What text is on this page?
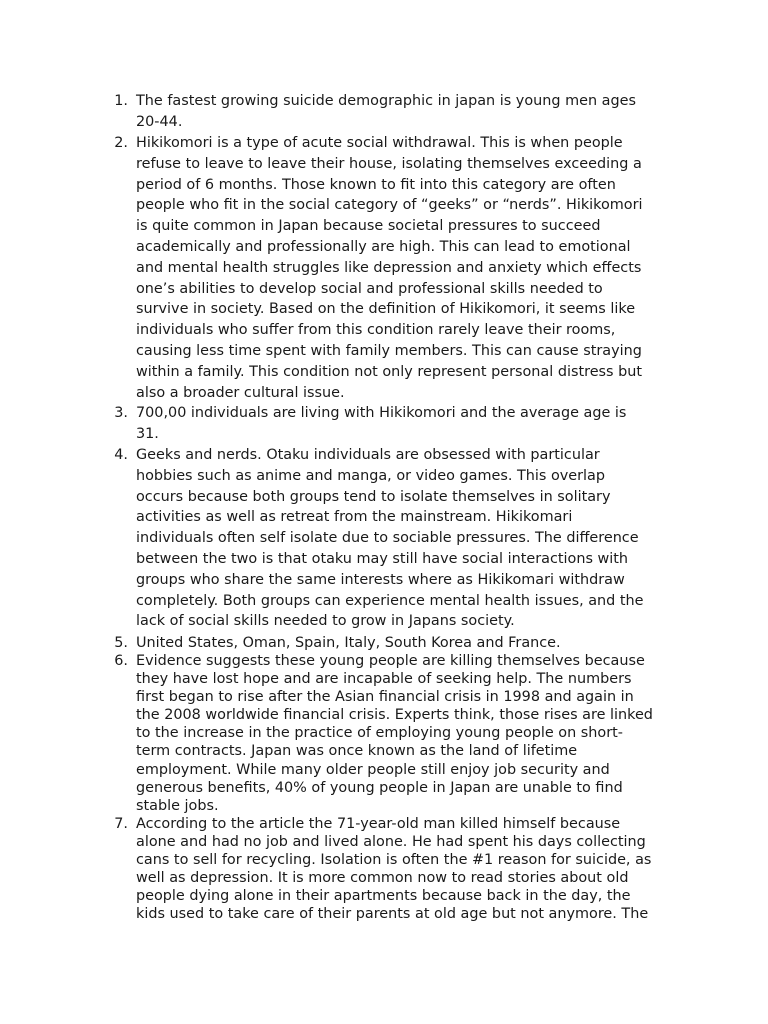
1. The fastest growing suicide demographic in japan is young men ages
20-44.
2. Hikikomori is a type of acute social withdrawal. This is when people
refuse to leave to leave their house, isolating themselves exceeding a
period of 6 months. Those known to fit into this category are often
people who fit in the social category of “geeks” or “nerds”. Hikikomori
is quite common in Japan because societal pressures to succeed
academically and professionally are high. This can lead to emotional
and mental health struggles like depression and anxiety which effects
one’s abilities to develop social and professional skills needed to
survive in society. Based on the definition of Hikikomori, it seems like
individuals who suffer from this condition rarely leave their rooms,
causing less time spent with family members. This can cause straying
within a family. This condition not only represent personal distress but
also a broader cultural issue.
3. 700,00 individuals are living with Hikikomori and the average age is
31.
4. Geeks and nerds. Otaku individuals are obsessed with particular
hobbies such as anime and manga, or video games. This overlap
occurs because both groups tend to isolate themselves in solitary
activities as well as retreat from the mainstream. Hikikomari
individuals often self isolate due to sociable pressures. The difference
between the two is that otaku may still have social interactions with
groups who share the same interests where as Hikikomari withdraw
completely. Both groups can experience mental health issues, and the
lack of social skills needed to grow in Japans society.
5. United States, Oman, Spain, Italy, South Korea and France.
6. Evidence suggests these young people are killing themselves because
they have lost hope and are incapable of seeking help. The numbers
first began to rise after the Asian financial crisis in 1998 and again in
the 2008 worldwide financial crisis. Experts think, those rises are linked
to the increase in the practice of employing young people on short-
term contracts. Japan was once known as the land of lifetime
employment. While many older people still enjoy job security and
generous benefits, 40% of young people in Japan are unable to find
stable jobs.
7. According to the article the 71-year-old man killed himself because
alone and had no job and lived alone. He had spent his days collecting
cans to sell for recycling. Isolation is often the #1 reason for suicide, as
well as depression. It is more common now to read stories about old
people dying alone in their apartments because back in the day, the
kids used to take care of their parents at old age but not anymore. The
